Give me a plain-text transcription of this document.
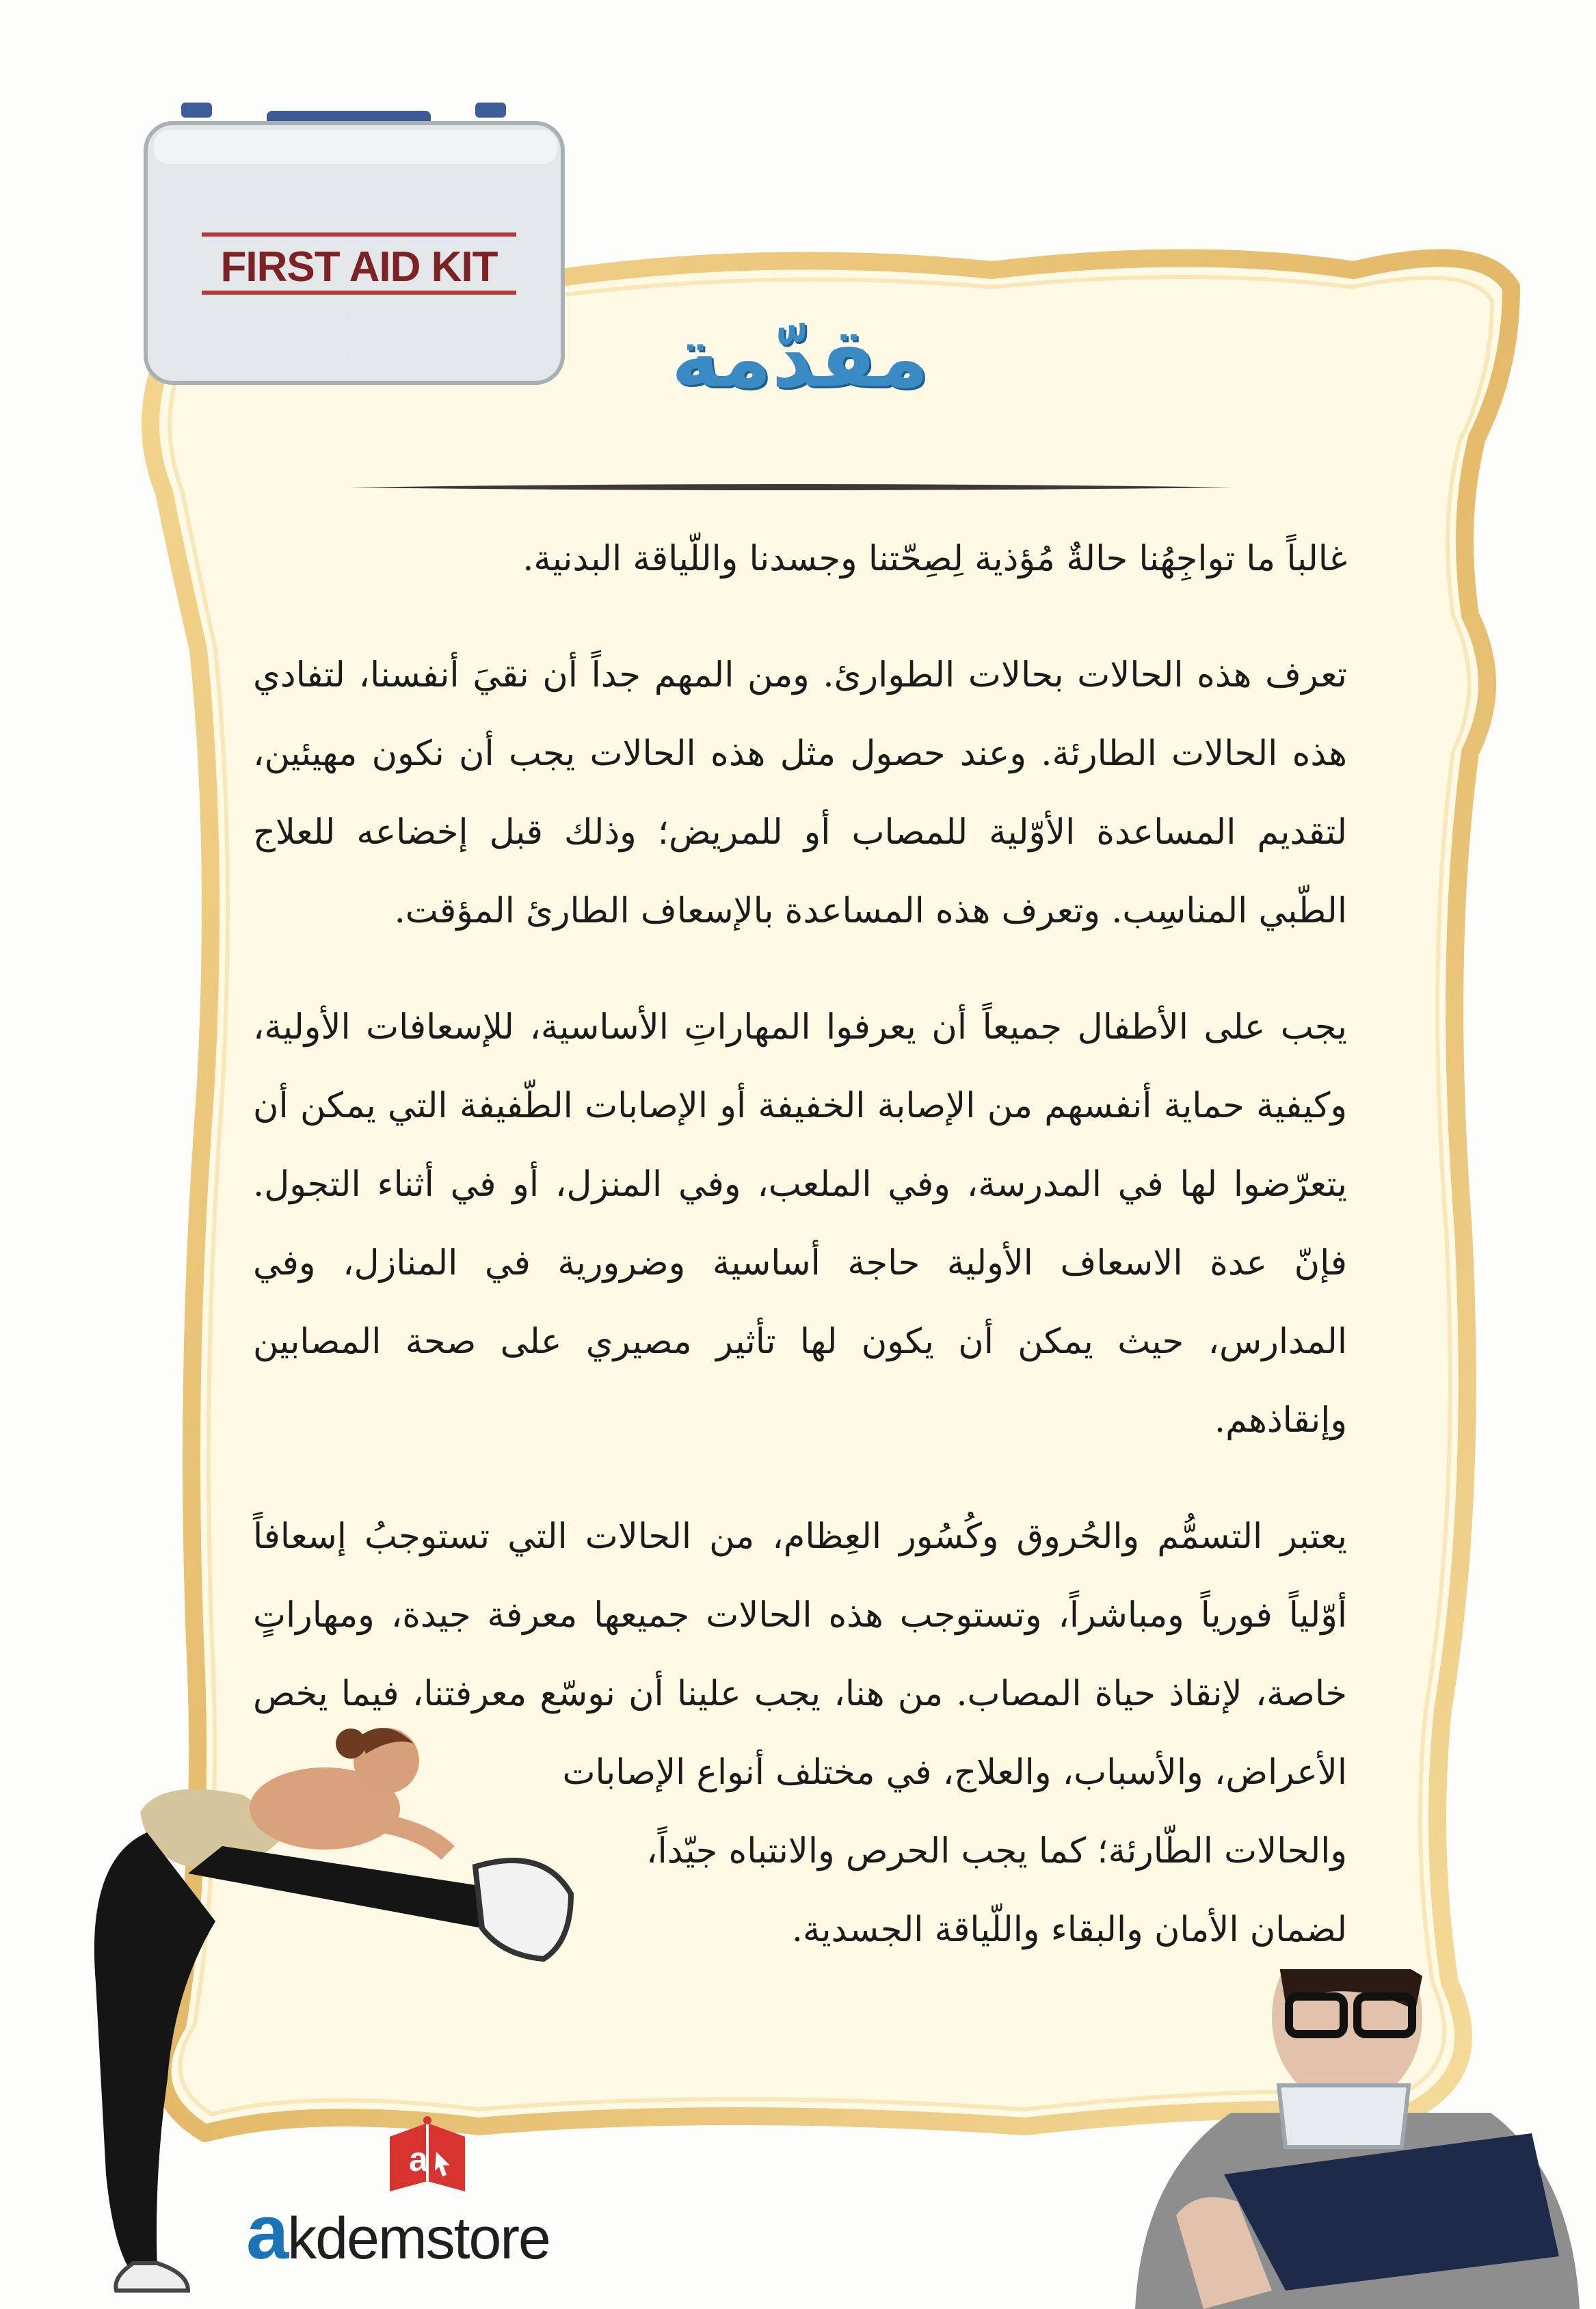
FIRST AID KIT
مقدّمة

غالباً ما تواجِهُنا حالةٌ مُؤذية لِصِحّتنا وجسدنا واللّياقة البدنية.

تعرف هذه الحالات بحالات الطوارئ. ومن المهم جداً أن نقيَ أنفسنا، لتفادي هذه الحالات الطارئة. وعند حصول مثل هذه الحالات يجب أن نكون مهيئين، لتقديم المساعدة الأوّلية للمصاب أو للمريض؛ وذلك قبل إخضاعه للعلاج الطّبي المناسِب. وتعرف هذه المساعدة بالإسعاف الطارئ المؤقت.

يجب على الأطفال جميعاً أن يعرفوا المهاراتِ الأساسية، للإسعافات الأولية، وكيفية حماية أنفسهم من الإصابة الخفيفة أو الإصابات الطّفيفة التي يمكن أن يتعرّضوا لها في المدرسة، وفي الملعب، وفي المنزل، أو في أثناء التجول. فإنّ عدة الاسعاف الأولية حاجة أساسية وضرورية في المنازل، وفي المدارس، حيث يمكن أن يكون لها تأثير مصيري على صحة المصابين وإنقاذهم.

يعتبر التسمُّم والحُروق وكُسُور العِظام، من الحالات التي تستوجبُ إسعافاً أوّلياً فورياً ومباشراً، وتستوجب هذه الحالات جميعها معرفة جيدة، ومهاراتٍ خاصة، لإنقاذ حياة المصاب. من هنا، يجب علينا أن نوسّع معرفتنا، فيما يخص الأعراض، والأسباب، والعلاج، في مختلف أنواع الإصابات

والحالات الطّارئة؛ كما يجب الحرص والانتباه جيّداً،

لضمان الأمان والبقاء واللّياقة الجسدية.

a
akdemstore
